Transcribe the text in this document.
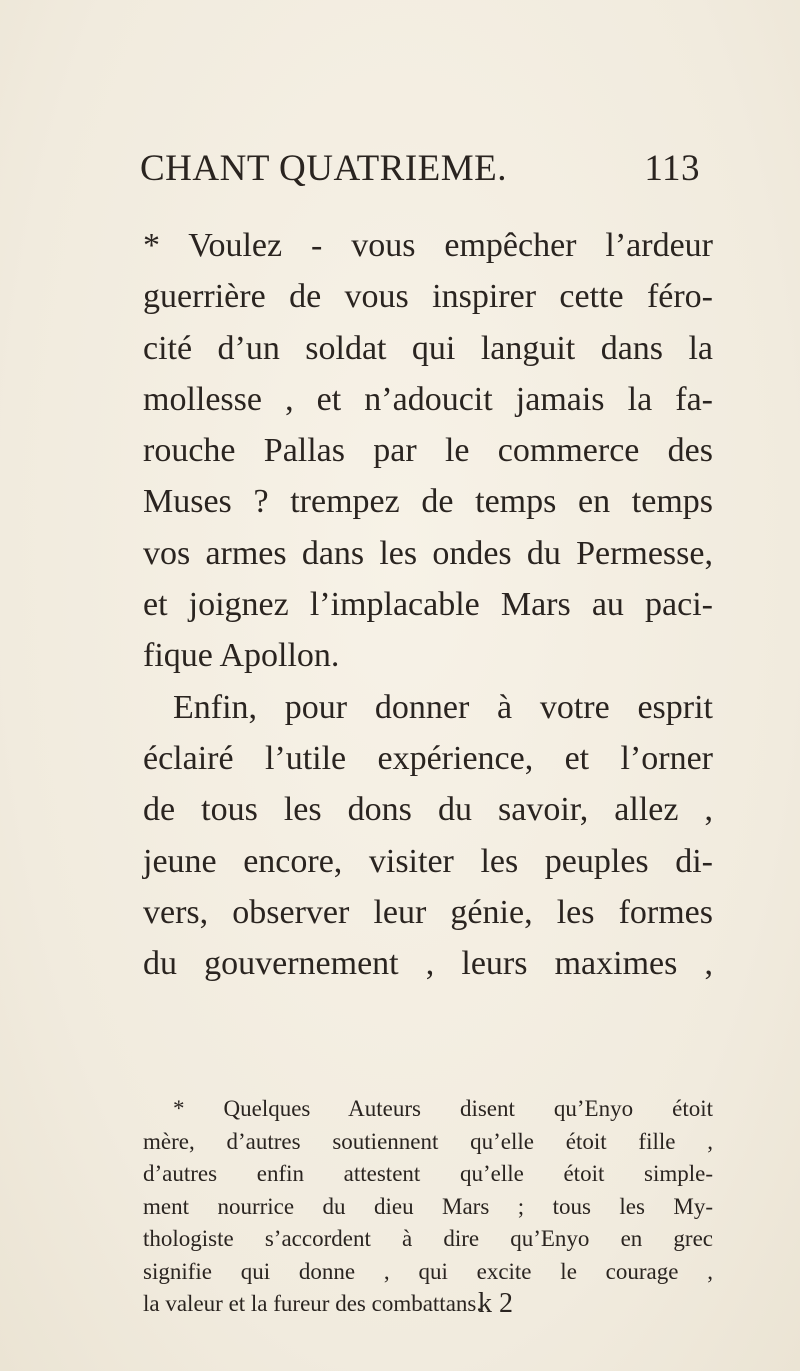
CHANT QUATRIEME.	113
* Voulez - vous empêcher l’ardeur
guerrière de vous inspirer cette féro-
cité d’un soldat qui languit dans la
mollesse , et n’adoucit jamais la fa-
rouche Pallas par le commerce des
Muses ? trempez de temps en temps
vos armes dans les ondes du Permesse,
et joignez l’implacable Mars au paci-
fique Apollon.
Enfin, pour donner à votre esprit
éclairé l’utile expérience, et l’orner
de tous les dons du savoir, allez ,
jeune encore, visiter les peuples di-
vers, observer leur génie, les formes
du gouvernement , leurs maximes ,
* Quelques Auteurs disent qu’Enyo étoit
mère, d’autres soutiennent qu’elle étoit fille ,
d’autres enfin attestent qu’elle étoit simple-
ment nourrice du dieu Mars ; tous les My-
thologiste s’accordent à dire qu’Enyo en grec
signifie qui donne , qui excite le courage ,
la valeur et la fureur des combattans.
k 2
